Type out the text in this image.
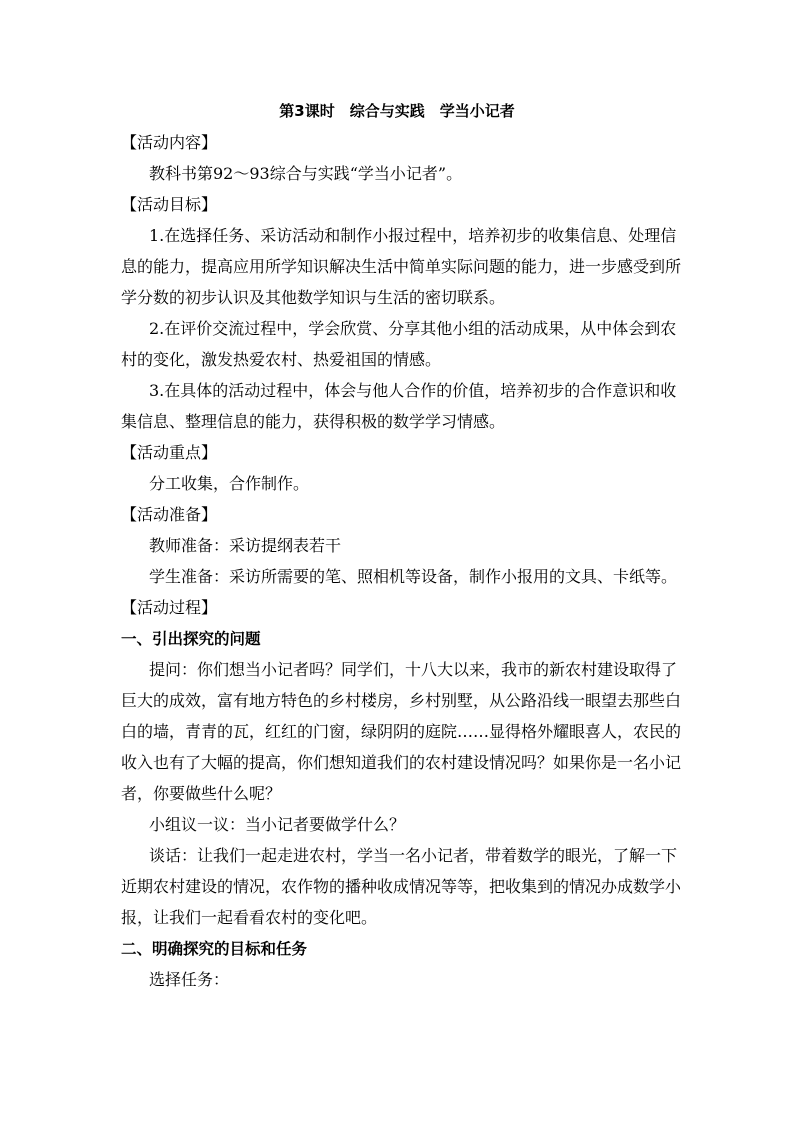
第3课时　综合与实践　学当小记者
【活动内容】
教科书第92～93综合与实践“学当小记者”。
【活动目标】
1.在选择任务、采访活动和制作小报过程中，培养初步的收集信息、处理信
息的能力，提高应用所学知识解决生活中简单实际问题的能力，进一步感受到所
学分数的初步认识及其他数学知识与生活的密切联系。
2.在评价交流过程中，学会欣赏、分享其他小组的活动成果，从中体会到农
村的变化，激发热爱农村、热爱祖国的情感。
3.在具体的活动过程中，体会与他人合作的价值，培养初步的合作意识和收
集信息、整理信息的能力，获得积极的数学学习情感。
【活动重点】
分工收集，合作制作。
【活动准备】
教师准备：采访提纲表若干
学生准备：采访所需要的笔、照相机等设备，制作小报用的文具、卡纸等。
【活动过程】
一、引出探究的问题
提问：你们想当小记者吗？同学们，十八大以来，我市的新农村建设取得了
巨大的成效，富有地方特色的乡村楼房，乡村别墅，从公路沿线一眼望去那些白
白的墙，青青的瓦，红红的门窗，绿阴阴的庭院……显得格外耀眼喜人，农民的
收入也有了大幅的提高，你们想知道我们的农村建设情况吗？如果你是一名小记
者，你要做些什么呢？
小组议一议：当小记者要做学什么？
谈话：让我们一起走进农村，学当一名小记者，带着数学的眼光，了解一下
近期农村建设的情况，农作物的播种收成情况等等，把收集到的情况办成数学小
报，让我们一起看看农村的变化吧。
二、明确探究的目标和任务
选择任务：
